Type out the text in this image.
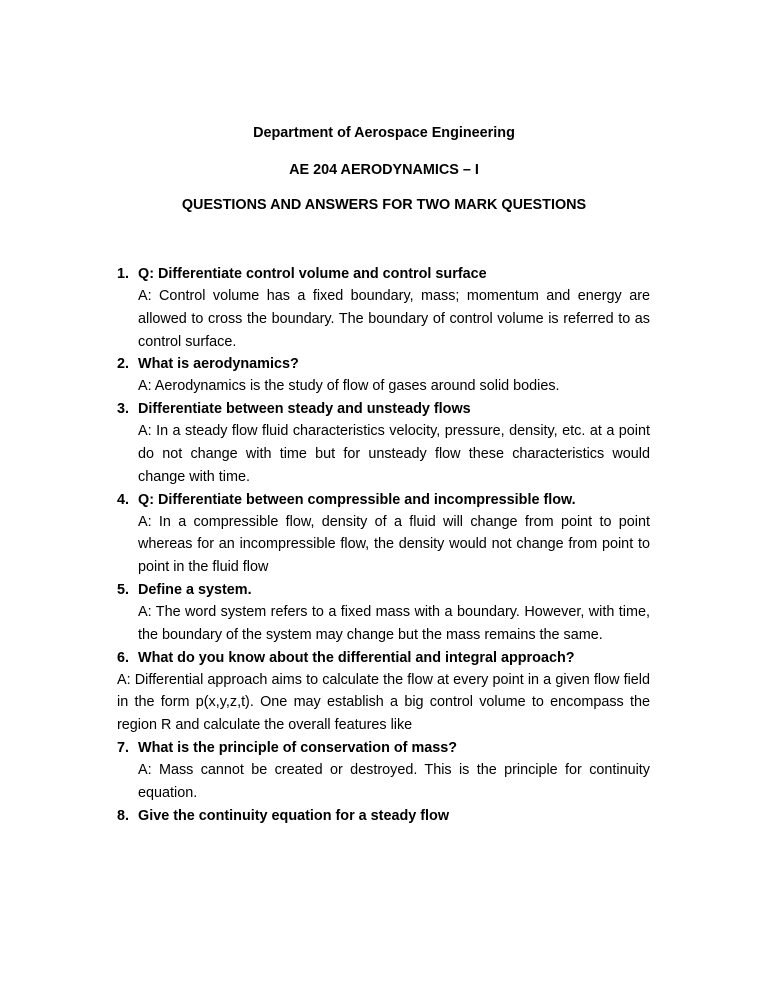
Department of Aerospace Engineering
AE 204 AERODYNAMICS – I
QUESTIONS AND ANSWERS FOR TWO MARK QUESTIONS
1. Q: Differentiate control volume and control surface
A: Control volume has a fixed boundary, mass; momentum and energy are allowed to cross the boundary. The boundary of control volume is referred to as control surface.
2. What is aerodynamics?
A: Aerodynamics is the study of flow of gases around solid bodies.
3. Differentiate between steady and unsteady flows
A: In a steady flow fluid characteristics velocity, pressure, density, etc. at a point do not change with time but for unsteady flow these characteristics would change with time.
4. Q: Differentiate between compressible and incompressible flow.
A: In a compressible flow, density of a fluid will change from point to point whereas for an incompressible flow, the density would not change from point to point in the fluid flow
5. Define a system.
A: The word system refers to a fixed mass with a boundary. However, with time, the boundary of the system may change but the mass remains the same.
6. What do you know about the differential and integral approach?
A: Differential approach aims to calculate the flow at every point in a given flow field in the form p(x,y,z,t). One may establish a big control volume to encompass the region R and calculate the overall features like
7. What is the principle of conservation of mass?
A: Mass cannot be created or destroyed. This is the principle for continuity equation.
8. Give the continuity equation for a steady flow
